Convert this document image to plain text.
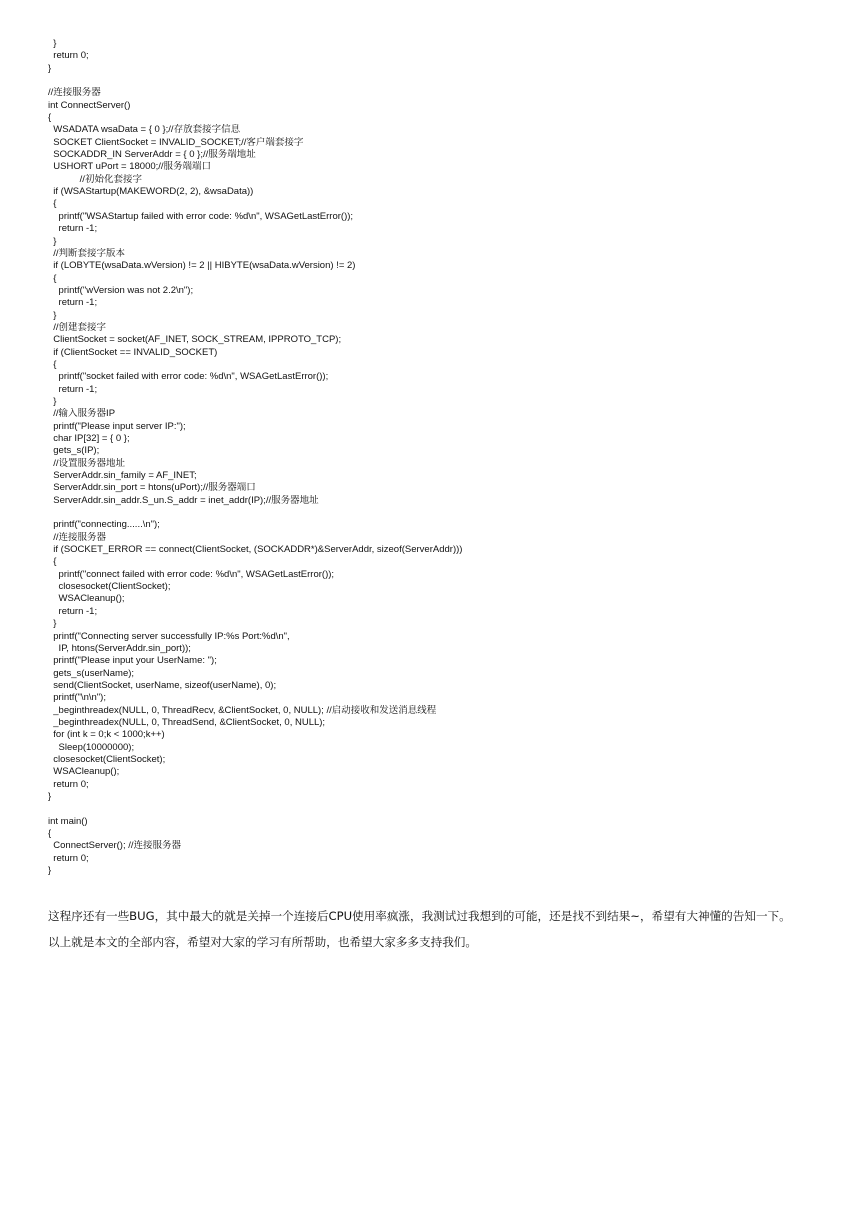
}
return 0;
}
//连接服务器
int ConnectServer()
{
WSADATA wsaData = { 0 };//存放套接字信息
SOCKET ClientSocket = INVALID_SOCKET;//客户端套接字
SOCKADDR_IN ServerAddr = { 0 };//服务端地址
USHORT uPort = 18000;//服务端端口
//初始化套接字
if (WSAStartup(MAKEWORD(2, 2), &wsaData))
{
printf("WSAStartup failed with error code: %d\n", WSAGetLastError());
return -1;
}
//判断套接字版本
if (LOBYTE(wsaData.wVersion) != 2 || HIBYTE(wsaData.wVersion) != 2)
{
printf("wVersion was not 2.2\n");
return -1;
}
//创建套接字
ClientSocket = socket(AF_INET, SOCK_STREAM, IPPROTO_TCP);
if (ClientSocket == INVALID_SOCKET)
{
printf("socket failed with error code: %d\n", WSAGetLastError());
return -1;
}
//输入服务器IP
printf("Please input server IP:");
char IP[32] = { 0 };
gets_s(IP);
//设置服务器地址
ServerAddr.sin_family = AF_INET;
ServerAddr.sin_port = htons(uPort);//服务器端口
ServerAddr.sin_addr.S_un.S_addr = inet_addr(IP);//服务器地址
printf("connecting......\n");
//连接服务器
if (SOCKET_ERROR == connect(ClientSocket, (SOCKADDR*)&ServerAddr, sizeof(ServerAddr)))
{
printf("connect failed with error code: %d\n", WSAGetLastError());
closesocket(ClientSocket);
WSACleanup();
return -1;
}
printf("Connecting server successfully IP:%s Port:%d\n",
IP, htons(ServerAddr.sin_port));
printf("Please input your UserName: ");
gets_s(userName);
send(ClientSocket, userName, sizeof(userName), 0);
printf("\n\n");
_beginthreadex(NULL, 0, ThreadRecv, &ClientSocket, 0, NULL); //启动接收和发送消息线程
_beginthreadex(NULL, 0, ThreadSend, &ClientSocket, 0, NULL);
for (int k = 0;k < 1000;k++)
Sleep(10000000);
closesocket(ClientSocket);
WSACleanup();
return 0;
}
int main()
{
ConnectServer(); //连接服务器
return 0;
}

这程序还有一些BUG，其中最大的就是关掉一个连接后CPU使用率疯涨，我测试过我想到的可能，还是找不到结果~，希望有大神懂的告知一下。

以上就是本文的全部内容，希望对大家的学习有所帮助，也希望大家多多支持我们。
